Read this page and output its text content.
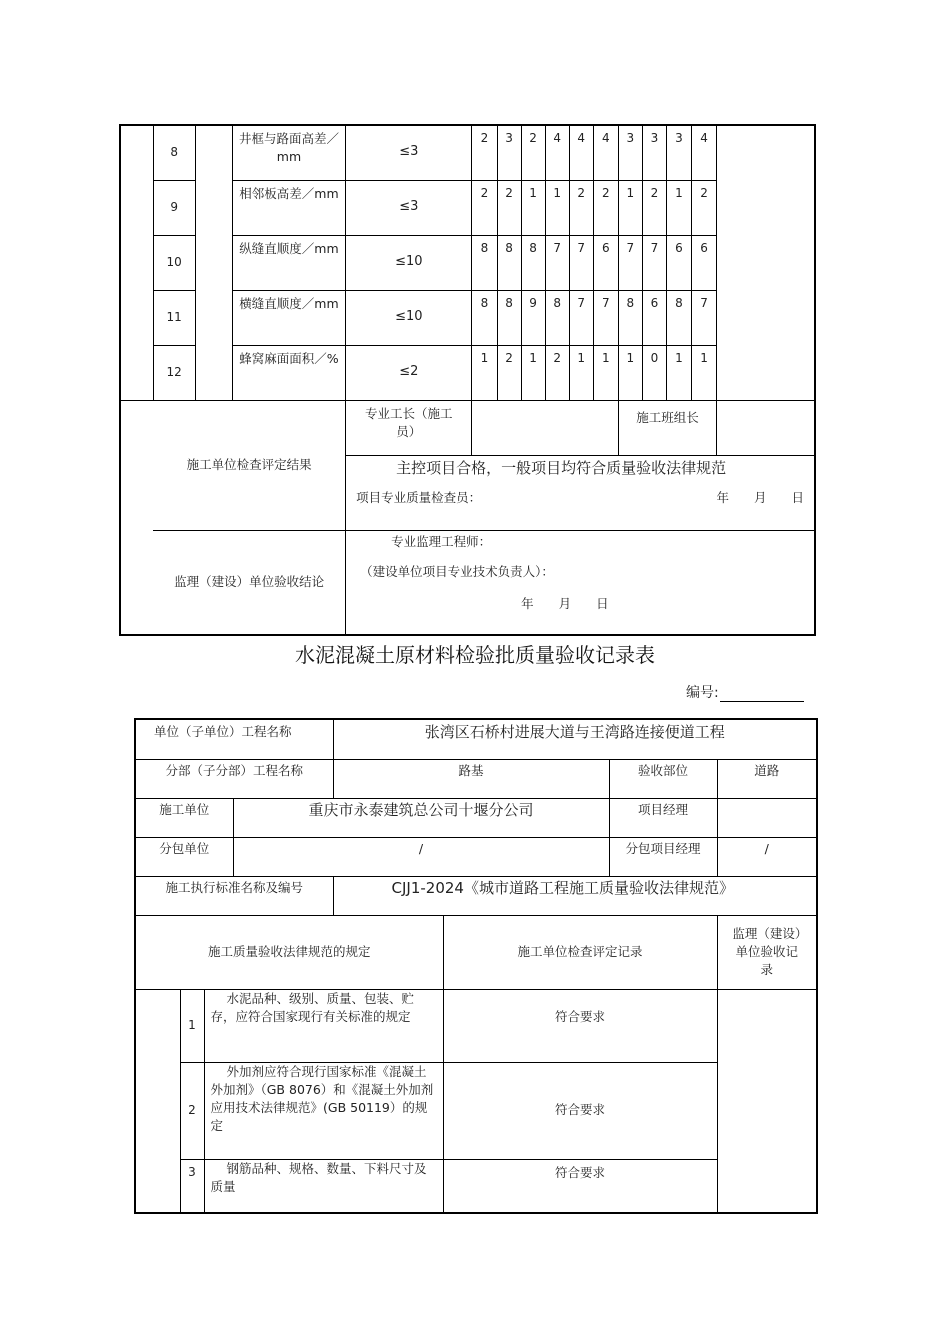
	8		井框与路面高差／mm	≤3	2	3	2	4	4	4	3	3	3	4	
	9		相邻板高差／mm	≤3	2	2	1	1	2	2	1	2	1	2	
	10		纵缝直顺度／mm	≤10	8	8	8	7	7	6	7	7	6	6	
	11		横缝直顺度／mm	≤10	8	8	9	8	7	7	8	6	8	7	
	12		蜂窝麻面面积／%	≤2	1	2	1	2	1	1	1	0	1	1	
	施工单位检查评定结果			专业工长（施工员）							施工班组长				

				主控项目合格，一般项目均符合质量验收法律规范
项目专业质量检查员： 年　　月　　日											

	监理（建设）单位验收结论			专业监理工程师：
（建设单位项目专业技术负责人）：
年　　月　　日											
水泥混凝土原材料检验批质量验收记录表
编号:
单位（子单位）工程名称				张湾区石桥村进展大道与王湾路连接便道工程			
分部（子分部）工程名称				路基		验收部位	道路
施工单位			重庆市永泰建筑总公司十堰分公司			项目经理	
分包单位			/			分包项目经理	/
施工执行标准名称及编号				CJJ1-2024《城市道路工程施工质量验收法律规范》			
施工质量验收法律规范的规定					施工单位检查评定记录		监理（建设）单位验收记录
	1	水泥品种、级别、质量、包装、贮存，应符合国家现行有关标准的规定			符合要求		
	2	外加剂应符合现行国家标准《混凝土外加剂》（GB 8076）和《混凝土外加剂应用技术法律规范》(GB 50119）的规定			符合要求		
	3	钢筋品种、规格、数量、下料尺寸及质量			符合要求		
